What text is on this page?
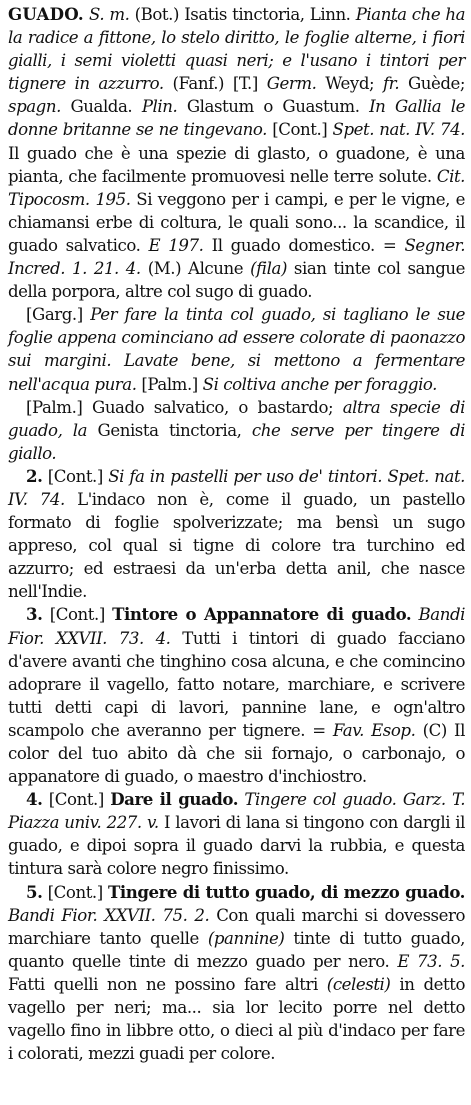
GUADO. S. m. (Bot.) Isatis tinctoria, Linn. Pianta che ha la radice a fittone, lo stelo diritto, le foglie alterne, i fiori gialli, i semi violetti quasi neri; e l'usano i tintori per tignere in azzurro. (Fanf.) [T.] Germ. Weyd; fr. Guède; spagn. Gualda. Plin. Glastum o Guastum. In Gallia le donne britanne se ne tingevano. [Cont.] Spet. nat. IV. 74. Il guado che è una spezie di glasto, o guadone, è una pianta, che facilmente promuovesi nelle terre solute. Cit. Tipocosm. 195. Si veggono per i campi, e per le vigne, e chiamansi erbe di coltura, le quali sono... la scandice, il guado salvatico. E 197. Il guado domestico. = Segner. Incred. 1. 21. 4. (M.) Alcune (fila) sian tinte col sangue della porpora, altre col sugo di guado.

[Garg.] Per fare la tinta col guado, si tagliano le sue foglie appena cominciano ad essere colorate di paonazzo sui margini. Lavate bene, si mettono a fermentare nell'acqua pura. [Palm.] Si coltiva anche per foraggio.

[Palm.] Guado salvatico, o bastardo; altra specie di guado, la Genista tinctoria, che serve per tingere di giallo.

2. [Cont.] Si fa in pastelli per uso de' tintori. Spet. nat. IV. 74. L'indaco non è, come il guado, un pastello formato di foglie spolverizzate; ma bensì un sugo appreso, col qual si tigne di colore tra turchino ed azzurro; ed estraesi da un'erba detta anil, che nasce nell'Indie.

3. [Cont.] Tintore o Appannatore di guado. Bandi Fior. XXVII. 73. 4. Tutti i tintori di guado facciano d'avere avanti che tinghino cosa alcuna, e che comincino adoprare il vagello, fatto notare, marchiare, e scrivere tutti detti capi di lavori, pannine lane, e ogn'altro scampolo che averanno per tignere. = Fav. Esop. (C) Il color del tuo abito dà che sii fornajo, o carbonajo, o appanatore di guado, o maestro d'inchiostro.

4. [Cont.] Dare il guado. Tingere col guado. Garz. T. Piazza univ. 227. v. I lavori di lana si tingono con dargli il guado, e dipoi sopra il guado darvi la rubbia, e questa tintura sarà colore negro finissimo.

5. [Cont.] Tingere di tutto guado, di mezzo guado. Bandi Fior. XXVII. 75. 2. Con quali marchi si dovessero marchiare tanto quelle (pannine) tinte di tutto guado, quanto quelle tinte di mezzo guado per nero. E 73. 5. Fatti quelli non ne possino fare altri (celesti) in detto vagello per neri; ma... sia lor lecito porre nel detto vagello fino in libbre otto, o dieci al più d'indaco per fare i colorati, mezzi guadi per colore.
